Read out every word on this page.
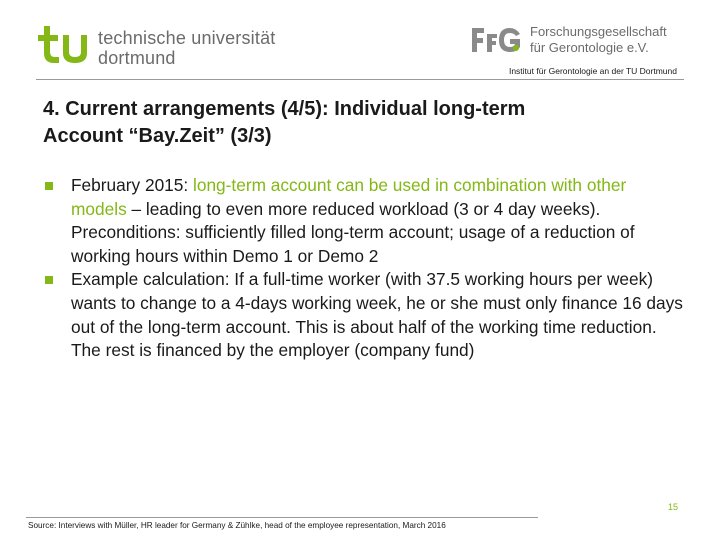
technische universität
dortmund
Forschungsgesellschaft
für Gerontologie e.V.
Institut für Gerontologie an der TU Dortmund
4. Current arrangements (4/5): Individual long-term
Account “Bay.Zeit” (3/3)
February 2015: long-term account can be used in combination with other models – leading to even more reduced workload (3 or 4 day weeks). Preconditions: sufficiently filled long-term account; usage of a reduction of working hours within Demo 1 or Demo 2
Example calculation: If a full-time worker (with 37.5 working hours per week) wants to change to a 4-days working week, he or she must only finance 16 days out of the long-term account. This is about half of the working time reduction. The rest is financed by the employer (company fund)
15
Source: Interviews with Müller, HR leader for Germany & Zühlke, head of the employee representation, March 2016
